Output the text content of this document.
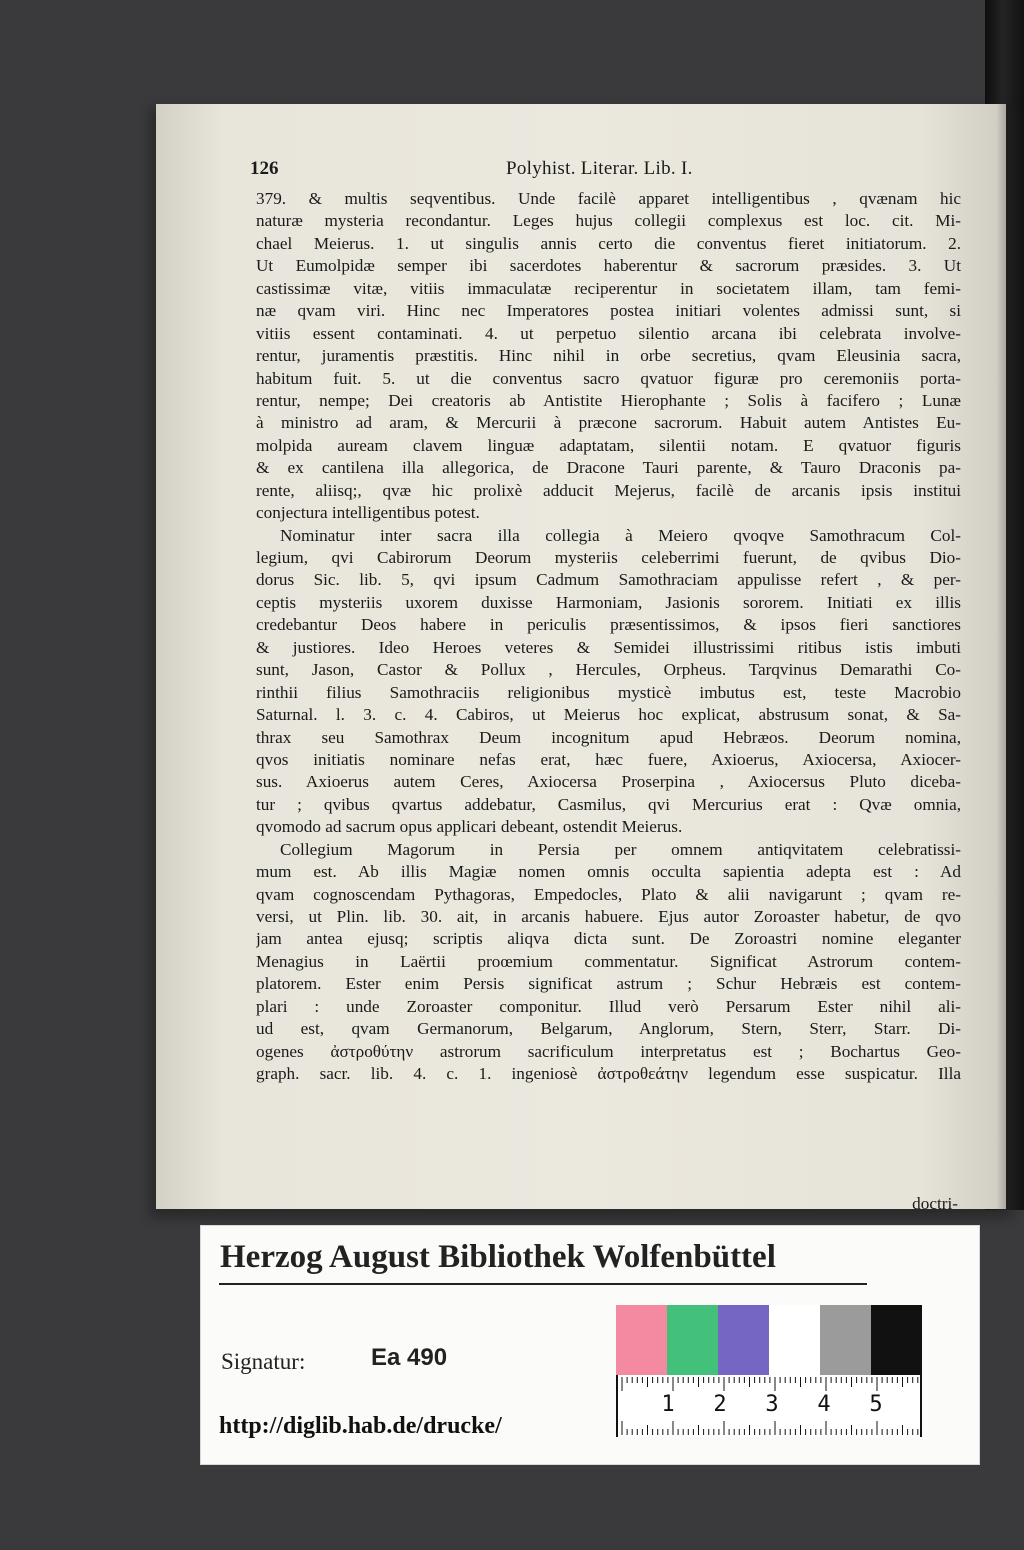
126	Polyhist. Literar. Lib. I.
379. & multis seqventibus. Unde facilè apparet intelligentibus , qvænam hic
naturæ mysteria recondantur. Leges hujus collegii complexus est loc. cit. Mi-
chael Meierus. 1. ut singulis annis certo die conventus fieret initiatorum. 2.
Ut Eumolpidæ semper ibi sacerdotes haberentur & sacrorum præsides. 3. Ut
castissimæ vitæ, vitiis immaculatæ reciperentur in societatem illam, tam femi-
næ qvam viri. Hinc nec Imperatores postea initiari volentes admissi sunt, si
vitiis essent contaminati. 4. ut perpetuo silentio arcana ibi celebrata involve-
rentur, juramentis præstitis. Hinc nihil in orbe secretius, qvam Eleusinia sacra,
habitum fuit. 5. ut die conventus sacro qvatuor figuræ pro ceremoniis porta-
rentur, nempe; Dei creatoris ab Antistite Hierophante ; Solis à facifero ; Lunæ
à ministro ad aram, & Mercurii à præcone sacrorum. Habuit autem Antistes Eu-
molpida auream clavem linguæ adaptatam, silentii notam. E qvatuor figuris
& ex cantilena illa allegorica, de Dracone Tauri parente, & Tauro Draconis pa-
rente, aliisq;, qvæ hic prolixè adducit Mejerus, facilè de arcanis ipsis institui
conjectura intelligentibus potest.
Nominatur inter sacra illa collegia à Meiero qvoqve Samothracum Col-
legium, qvi Cabirorum Deorum mysteriis celeberrimi fuerunt, de qvibus Dio-
dorus Sic. lib. 5, qvi ipsum Cadmum Samothraciam appulisse refert , & per-
ceptis mysteriis uxorem duxisse Harmoniam, Jasionis sororem. Initiati ex illis
credebantur Deos habere in periculis præsentissimos, & ipsos fieri sanctiores
& justiores. Ideo Heroes veteres & Semidei illustrissimi ritibus istis imbuti
sunt, Jason, Castor & Pollux , Hercules, Orpheus. Tarqvinus Demarathi Co-
rinthii filius Samothraciis religionibus mysticè imbutus est, teste Macrobio
Saturnal. l. 3. c. 4. Cabiros, ut Meierus hoc explicat, abstrusum sonat, & Sa-
thrax seu Samothrax Deum incognitum apud Hebræos. Deorum nomina,
qvos initiatis nominare nefas erat, hæc fuere, Axioerus, Axiocersa, Axiocer-
sus. Axioerus autem Ceres, Axiocersa Proserpina , Axiocersus Pluto diceba-
tur ; qvibus qvartus addebatur, Casmilus, qvi Mercurius erat : Qvæ omnia,
qvomodo ad sacrum opus applicari debeant, ostendit Meierus.
Collegium Magorum in Persia per omnem antiqvitatem celebratissi-
mum est. Ab illis Magiæ nomen omnis occulta sapientia adepta est : Ad
qvam cognoscendam Pythagoras, Empedocles, Plato & alii navigarunt ; qvam re-
versi, ut Plin. lib. 30. ait, in arcanis habuere. Ejus autor Zoroaster habetur, de qvo
jam antea ejusq; scriptis aliqva dicta sunt. De Zoroastri nomine eleganter
Menagius in Laërtii proœmium commentatur. Significat Astrorum contem-
platorem. Ester enim Persis significat astrum ; Schur Hebræis est contem-
plari : unde Zoroaster componitur. Illud verò Persarum Ester nihil ali-
ud est, qvam Germanorum, Belgarum, Anglorum, Stern, Sterr, Starr. Di-
ogenes ἀστροθύτην astrorum sacrificulum interpretatus est ; Bochartus Geo-
graph. sacr. lib. 4. c. 1. ingeniosè ἀστροθεάτην legendum esse suspicatur. Illa
doctri-
Herzog August Bibliothek Wolfenbüttel
Signatur:	Ea 490
http://diglib.hab.de/drucke/
1 2 3 4 5
